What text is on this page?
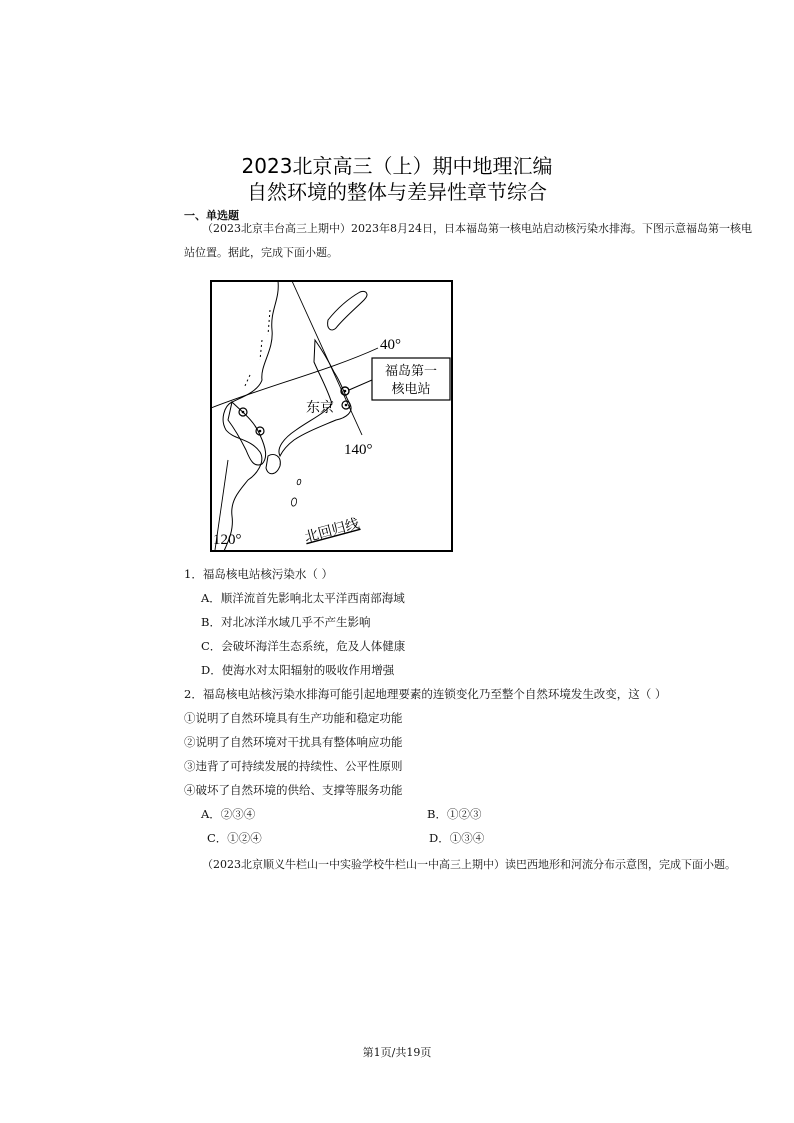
2023北京高三（上）期中地理汇编
自然环境的整体与差异性章节综合
一、单选题
（2023北京丰台高三上期中）2023年8月24日，日本福岛第一核电站启动核污染水排海。下图示意福岛第一核电站位置。据此，完成下面小题。
福岛第一
核电站
40°
140°
120°
东京
北回归线
1．福岛核电站核污染水（ ）
A．顺洋流首先影响北太平洋西南部海域
B．对北冰洋水域几乎不产生影响
C．会破坏海洋生态系统，危及人体健康
D．使海水对太阳辐射的吸收作用增强
2．福岛核电站核污染水排海可能引起地理要素的连锁变化乃至整个自然环境发生改变，这（ ）
①说明了自然环境具有生产功能和稳定功能
②说明了自然环境对干扰具有整体响应功能
③违背了可持续发展的持续性、公平性原则
④破坏了自然环境的供给、支撑等服务功能
A．②③④	B．①②③
C．①②④	D．①③④
（2023北京顺义牛栏山一中实验学校牛栏山一中高三上期中）读巴西地形和河流分布示意图，完成下面小题。
第1页/共19页
